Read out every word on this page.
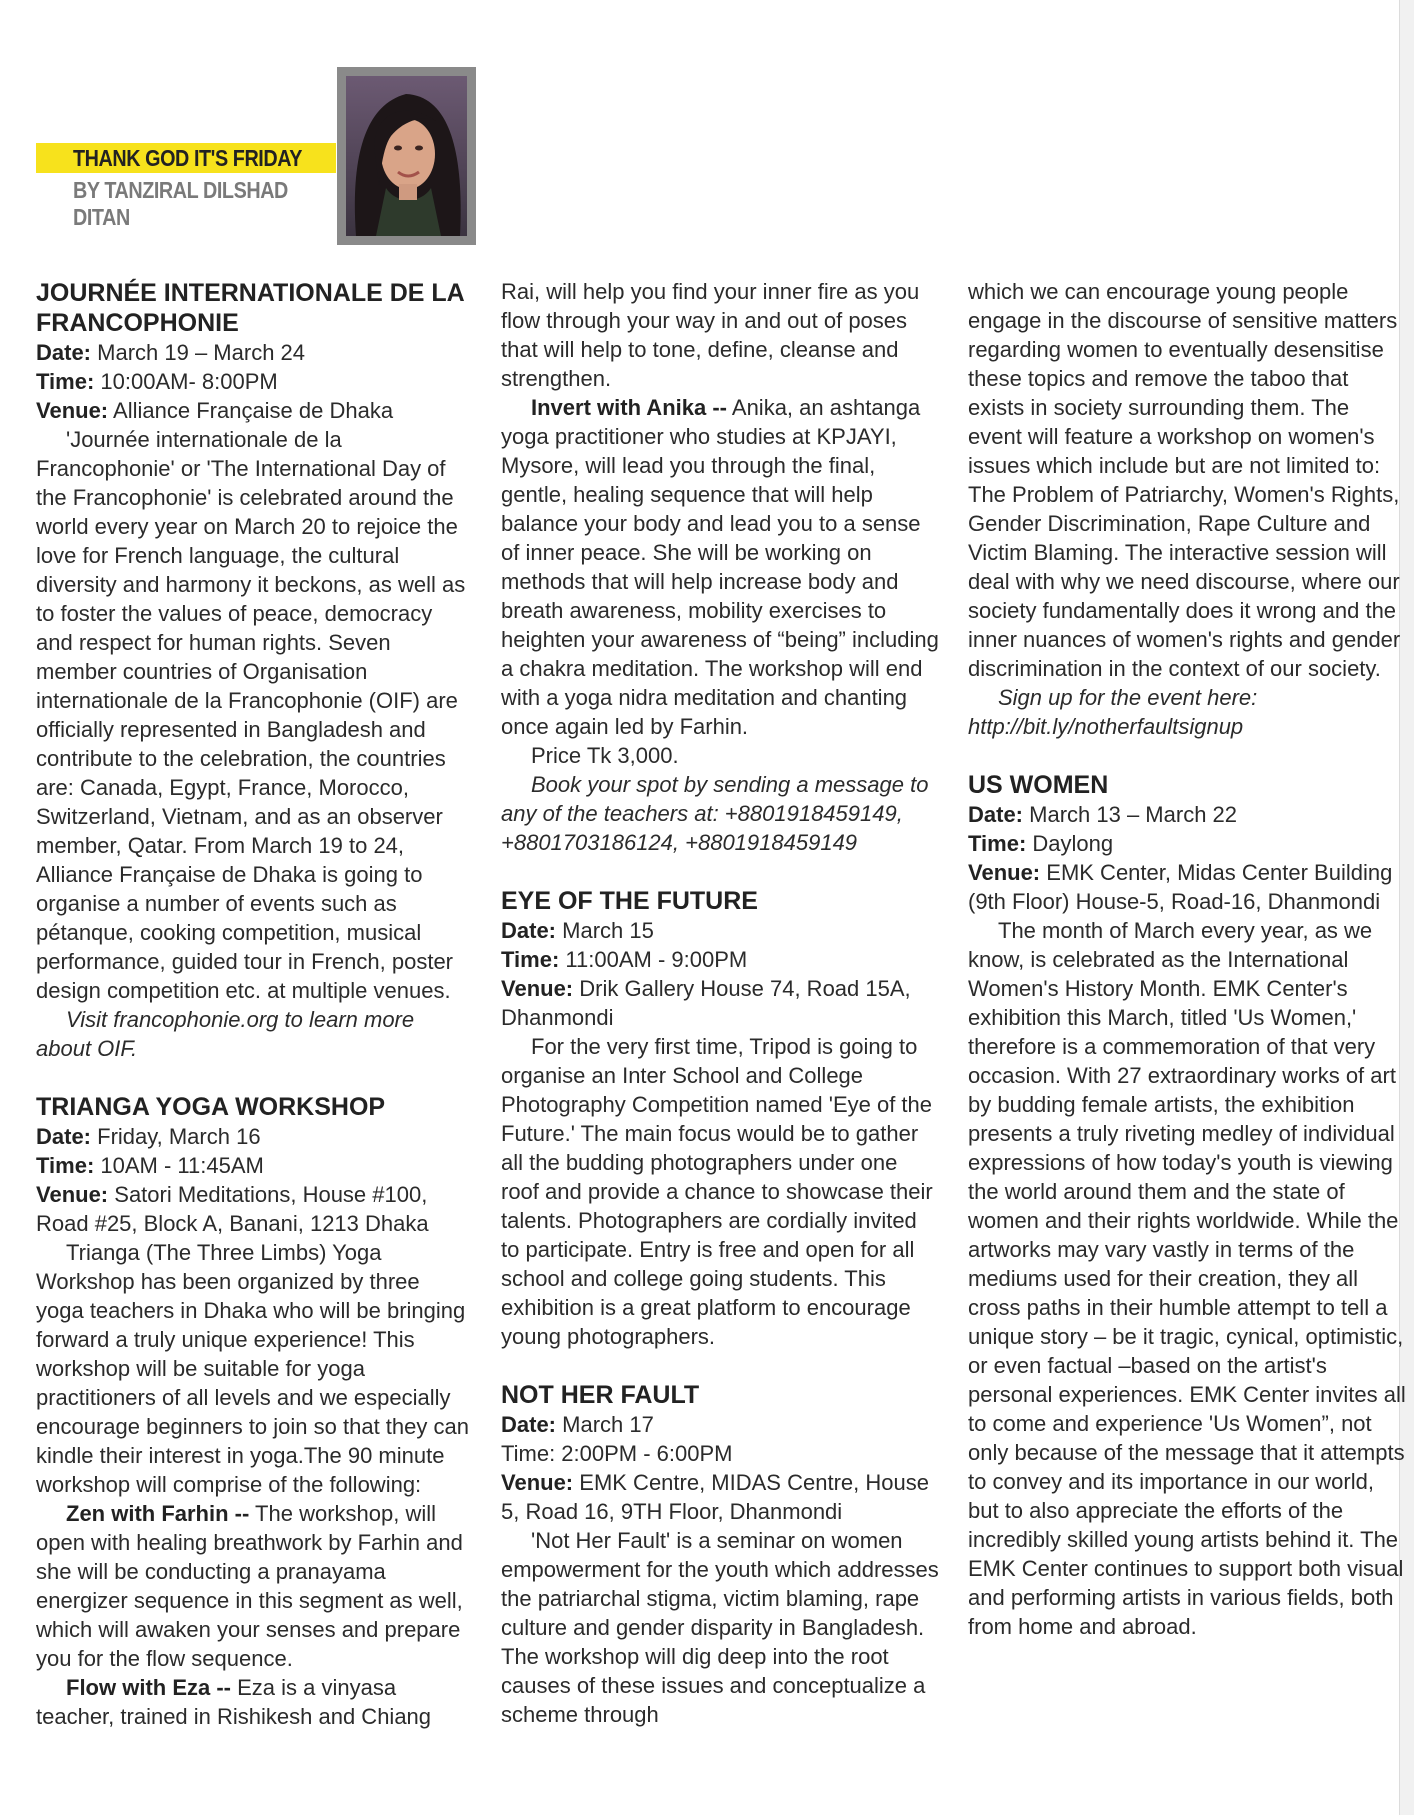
THANK GOD IT'S FRIDAY
BY TANZIRAL DILSHAD DITAN
JOURNÉE INTERNATIONALE DE LA FRANCOPHONIE

Date: March 19 – March 24

Time: 10:00AM- 8:00PM

Venue: Alliance Française de Dhaka

'Journée internationale de la Francophonie' or 'The International Day of the Francophonie' is celebrated around the world every year on March 20 to rejoice the love for French language, the cultural diversity and harmony it beckons, as well as to foster the values of peace, democracy and respect for human rights. Seven member countries of Organisation internationale de la Francophonie (OIF) are officially represented in Bangladesh and contribute to the celebration, the countries are: Canada, Egypt, France, Morocco, Switzerland, Vietnam, and as an observer member, Qatar. From March 19 to 24, Alliance Française de Dhaka is going to organise a number of events such as pétanque, cooking competition, musical performance, guided tour in French, poster design competition etc. at multiple venues.

Visit francophonie.org to learn more about OIF.

TRIANGA YOGA WORKSHOP

Date: Friday, March 16

Time: 10AM - 11:45AM

Venue: Satori Meditations, House #100, Road #25, Block A, Banani, 1213 Dhaka

Trianga (The Three Limbs) Yoga Workshop has been organized by three yoga teachers in Dhaka who will be bringing forward a truly unique experience! This workshop will be suitable for yoga practitioners of all levels and we especially encourage beginners to join so that they can kindle their interest in yoga.The 90 minute workshop will comprise of the following:

Zen with Farhin -- The workshop, will open with healing breathwork by Farhin and she will be conducting a pranayama energizer sequence in this segment as well, which will awaken your senses and prepare you for the flow sequence.

Flow with Eza -- Eza is a vinyasa teacher, trained in Rishikesh and Chiang

Rai, will help you find your inner fire as you flow through your way in and out of poses that will help to tone, define, cleanse and strengthen.

Invert with Anika -- Anika, an ashtanga yoga practitioner who studies at KPJAYI, Mysore, will lead you through the final, gentle, healing sequence that will help balance your body and lead you to a sense of inner peace. She will be working on methods that will help increase body and breath awareness, mobility exercises to heighten your awareness of “being” including a chakra meditation. The workshop will end with a yoga nidra meditation and chanting once again led by Farhin.

Price Tk 3,000.

Book your spot by sending a message to any of the teachers at: +8801918459149, +8801703186124, +8801918459149

EYE OF THE FUTURE

Date: March 15

Time: 11:00AM - 9:00PM

Venue: Drik Gallery House 74, Road 15A, Dhanmondi

For the very first time, Tripod is going to organise an Inter School and College Photography Competition named 'Eye of the Future.' The main focus would be to gather all the budding photographers under one roof and provide a chance to showcase their talents. Photographers are cordially invited to participate. Entry is free and open for all school and college going students. This exhibition is a great platform to encourage young photographers.

NOT HER FAULT

Date: March 17

Time: 2:00PM - 6:00PM

Venue: EMK Centre, MIDAS Centre, House 5, Road 16, 9TH Floor, Dhanmondi

'Not Her Fault' is a seminar on women empowerment for the youth which addresses the patriarchal stigma, victim blaming, rape culture and gender disparity in Bangladesh. The workshop will dig deep into the root causes of these issues and conceptualize a scheme through

which we can encourage young people engage in the discourse of sensitive matters regarding women to eventually desensitise these topics and remove the taboo that exists in society surrounding them. The event will feature a workshop on women's issues which include but are not limited to: The Problem of Patriarchy, Women's Rights, Gender Discrimination, Rape Culture and Victim Blaming. The interactive session will deal with why we need discourse, where our society fundamentally does it wrong and the inner nuances of women's rights and gender discrimination in the context of our society.

Sign up for the event here: http://bit.ly/notherfaultsignup

US WOMEN

Date: March 13 – March 22

Time: Daylong

Venue: EMK Center, Midas Center Building (9th Floor) House-5, Road-16, Dhanmondi

The month of March every year, as we know, is celebrated as the International Women's History Month. EMK Center's exhibition this March, titled 'Us Women,' therefore is a commemoration of that very occasion. With 27 extraordinary works of art by budding female artists, the exhibition presents a truly riveting medley of individual expressions of how today's youth is viewing the world around them and the state of women and their rights worldwide. While the artworks may vary vastly in terms of the mediums used for their creation, they all cross paths in their humble attempt to tell a unique story – be it tragic, cynical, optimistic, or even factual –based on the artist's personal experiences. EMK Center invites all to come and experience 'Us Women”, not only because of the message that it attempts to convey and its importance in our world, but to also appreciate the efforts of the incredibly skilled young artists behind it. The EMK Center continues to support both visual and performing artists in various fields, both from home and abroad.
